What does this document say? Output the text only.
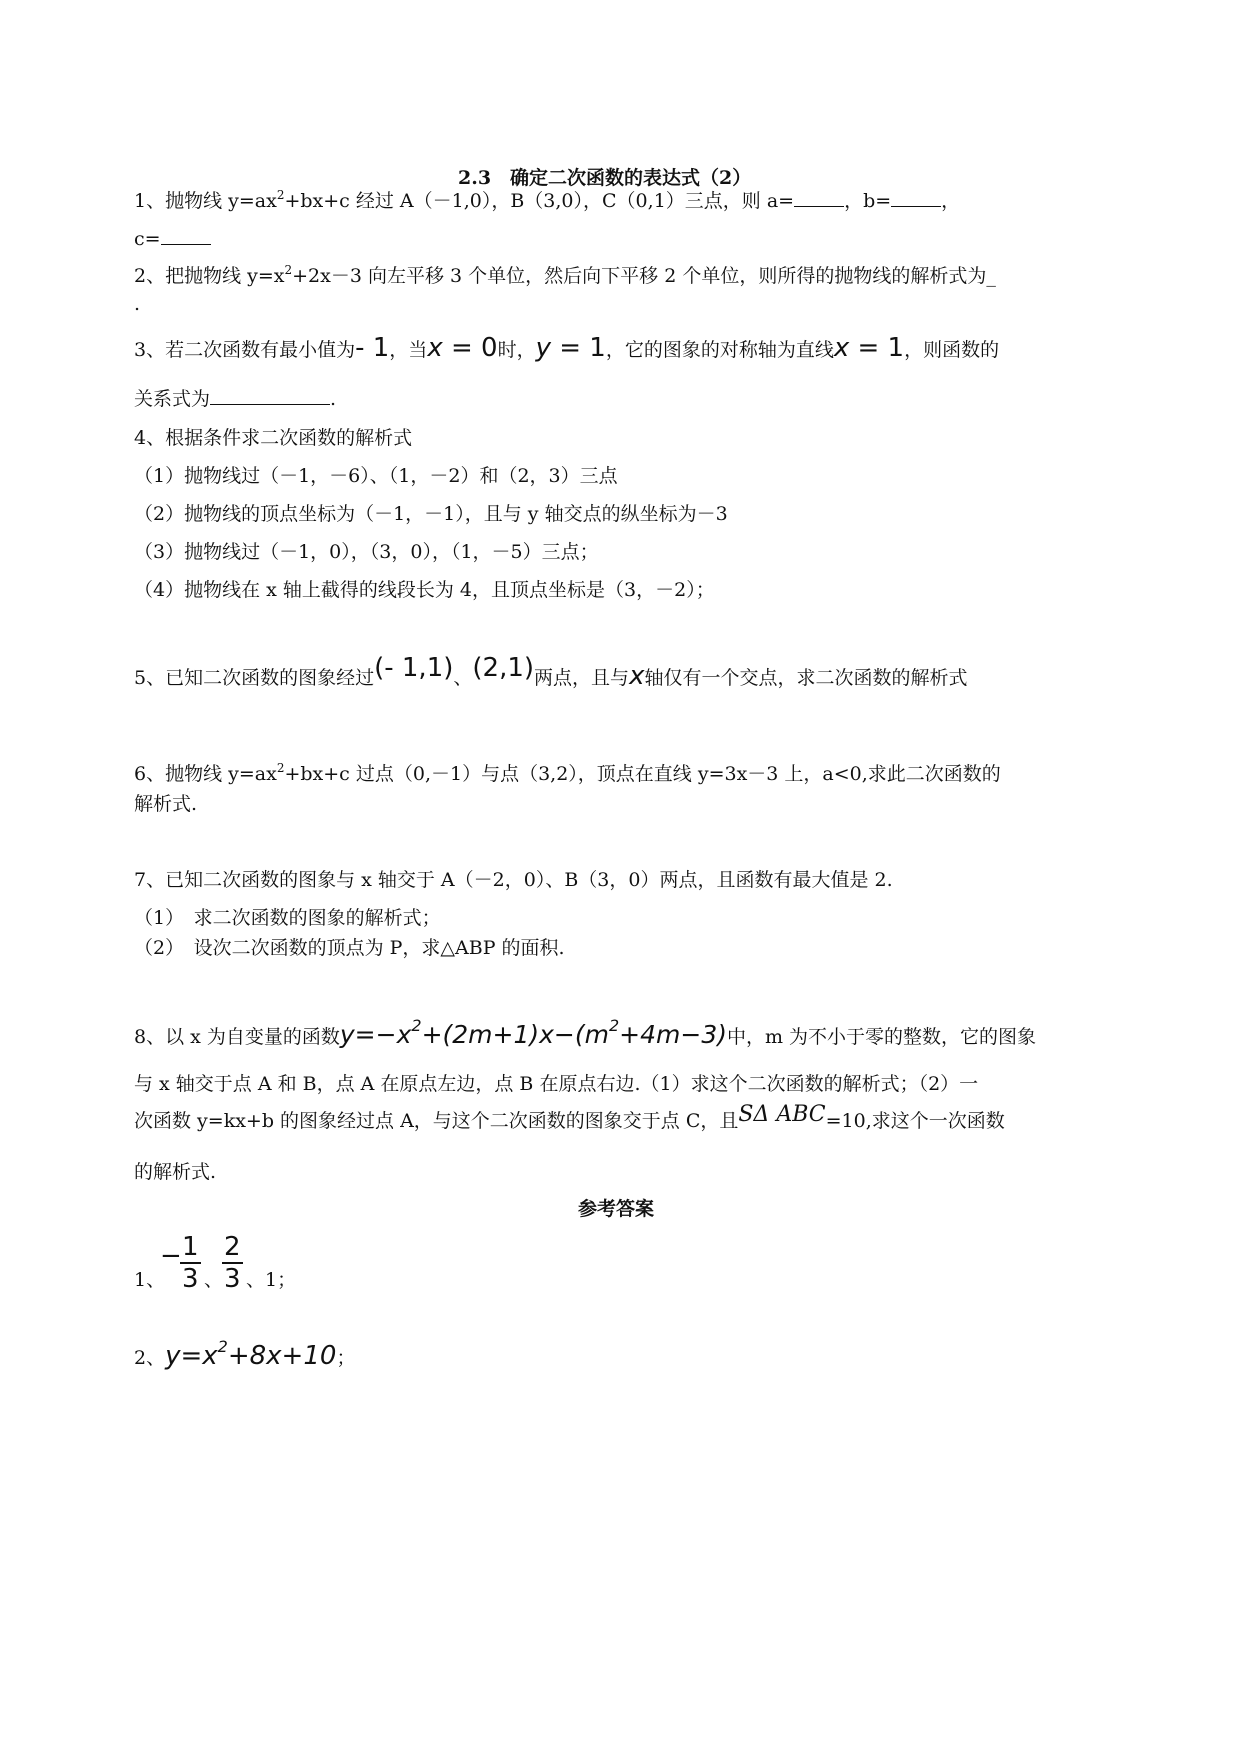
2.3　确定二次函数的表达式（2）
1、抛物线 $y=ax^2+bx+c$ 经过 A（－1,0），B（3,0），C（0,1）三点，则 a=	，b=	，
c=
2、把抛物线 $y=x^2+2x-3$ 向左平移 3 个单位，然后向下平移 2 个单位，则所得的抛物线的解析式为_
.
3、若二次函数有最小值为- 1，当x = 0时，y = 1，它的图象的对称轴为直线x = 1，则函数的
关系式为	.
4、根据条件求二次函数的解析式
（1）抛物线过（－1，－6）、（1，－2）和（2，3）三点
（2）抛物线的顶点坐标为（－1，－1），且与 y 轴交点的纵坐标为－3
（3）抛物线过（－1，0），（3，0），（1，－5）三点；
（4）抛物线在 x 轴上截得的线段长为 4，且顶点坐标是（3，－2）；
5、已知二次函数的图象经过(- 1,1)、(2,1)两点，且与x轴仅有一个交点，求二次函数的解析式
6、抛物线 $y=ax^2+bx+c$ 过点（0,－1）与点（3,2），顶点在直线 y=3x－3 上，a<0,求此二次函数的
解析式.
7、已知二次函数的图象与 x 轴交于 A（－2，0）、B（3，0）两点，且函数有最大值是 2.
（1）　求二次函数的图象的解析式；
（2）　设次二次函数的顶点为 P，求△ABP 的面积.
8、以 x 为自变量的函数$y=-x^2+(2m+1)x-(m^2+4m-3)$中，m 为不小于零的整数，它的图象
与 x 轴交于点 A 和 B，点 A 在原点左边，点 B 在原点右边.（1）求这个二次函数的解析式；（2）一
次函数 y=kx+b 的图象经过点 A，与这个二次函数的图象交于点 C，且SΔ ABC=10,求这个一次函数
的解析式.
参考答案
1、
−
$\frac{1}{3}$ 、
$\frac{2}{3}$ 、1；
2、$y=x^2+8x+10$；
